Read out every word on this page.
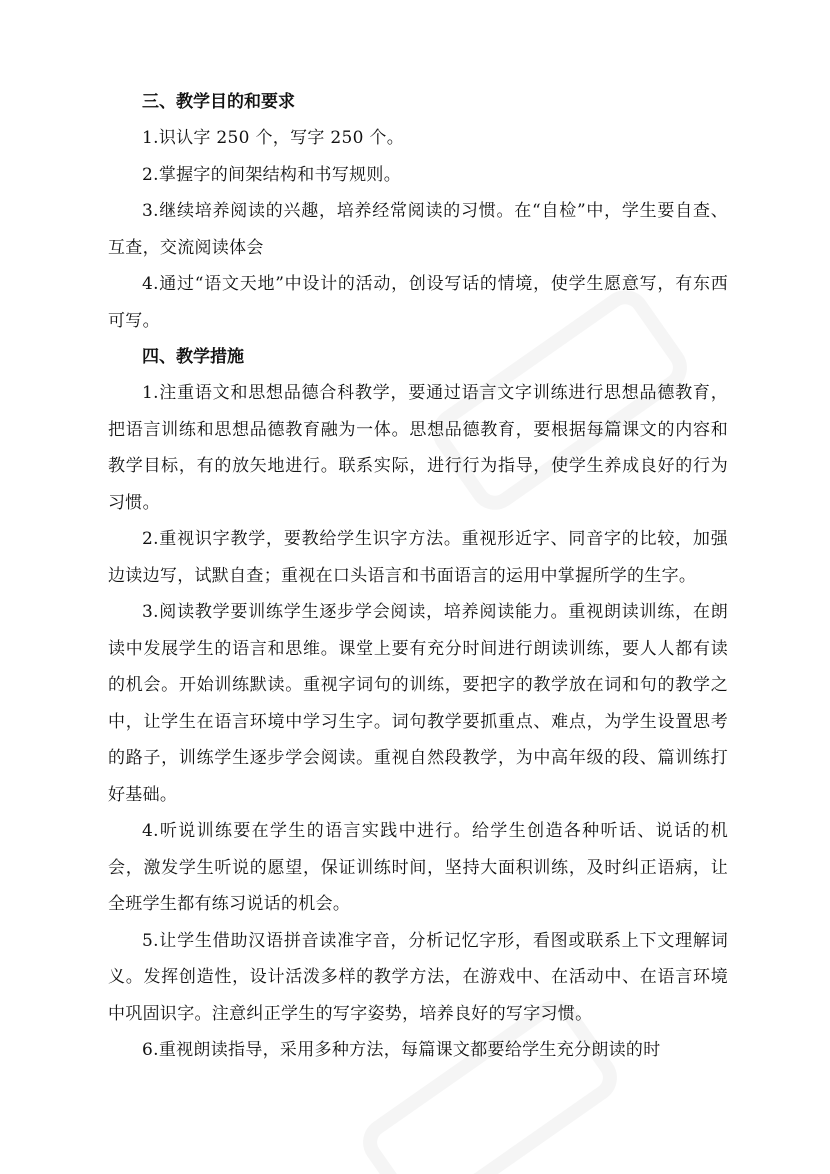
三、教学目的和要求

1.识认字 250 个，写字 250 个。

2.掌握字的间架结构和书写规则。

3.继续培养阅读的兴趣，培养经常阅读的习惯。在“自检”中，学生要自查、互查，交流阅读体会

4.通过“语文天地”中设计的活动，创设写话的情境，使学生愿意写，有东西可写。

四、教学措施

1.注重语文和思想品德合科教学，要通过语言文字训练进行思想品德教育，把语言训练和思想品德教育融为一体。思想品德教育，要根据每篇课文的内容和教学目标，有的放矢地进行。联系实际，进行行为指导，使学生养成良好的行为习惯。

2.重视识字教学，要教给学生识字方法。重视形近字、同音字的比较，加强边读边写，试默自查；重视在口头语言和书面语言的运用中掌握所学的生字。

3.阅读教学要训练学生逐步学会阅读，培养阅读能力。重视朗读训练，在朗读中发展学生的语言和思维。课堂上要有充分时间进行朗读训练，要人人都有读的机会。开始训练默读。重视字词句的训练，要把字的教学放在词和句的教学之中，让学生在语言环境中学习生字。词句教学要抓重点、难点，为学生设置思考的路子，训练学生逐步学会阅读。重视自然段教学，为中高年级的段、篇训练打好基础。

4.听说训练要在学生的语言实践中进行。给学生创造各种听话、说话的机会，激发学生听说的愿望，保证训练时间，坚持大面积训练，及时纠正语病，让全班学生都有练习说话的机会。

5.让学生借助汉语拼音读准字音，分析记忆字形，看图或联系上下文理解词义。发挥创造性，设计活泼多样的教学方法，在游戏中、在活动中、在语言环境中巩固识字。注意纠正学生的写字姿势，培养良好的写字习惯。

6.重视朗读指导，采用多种方法，每篇课文都要给学生充分朗读的时
